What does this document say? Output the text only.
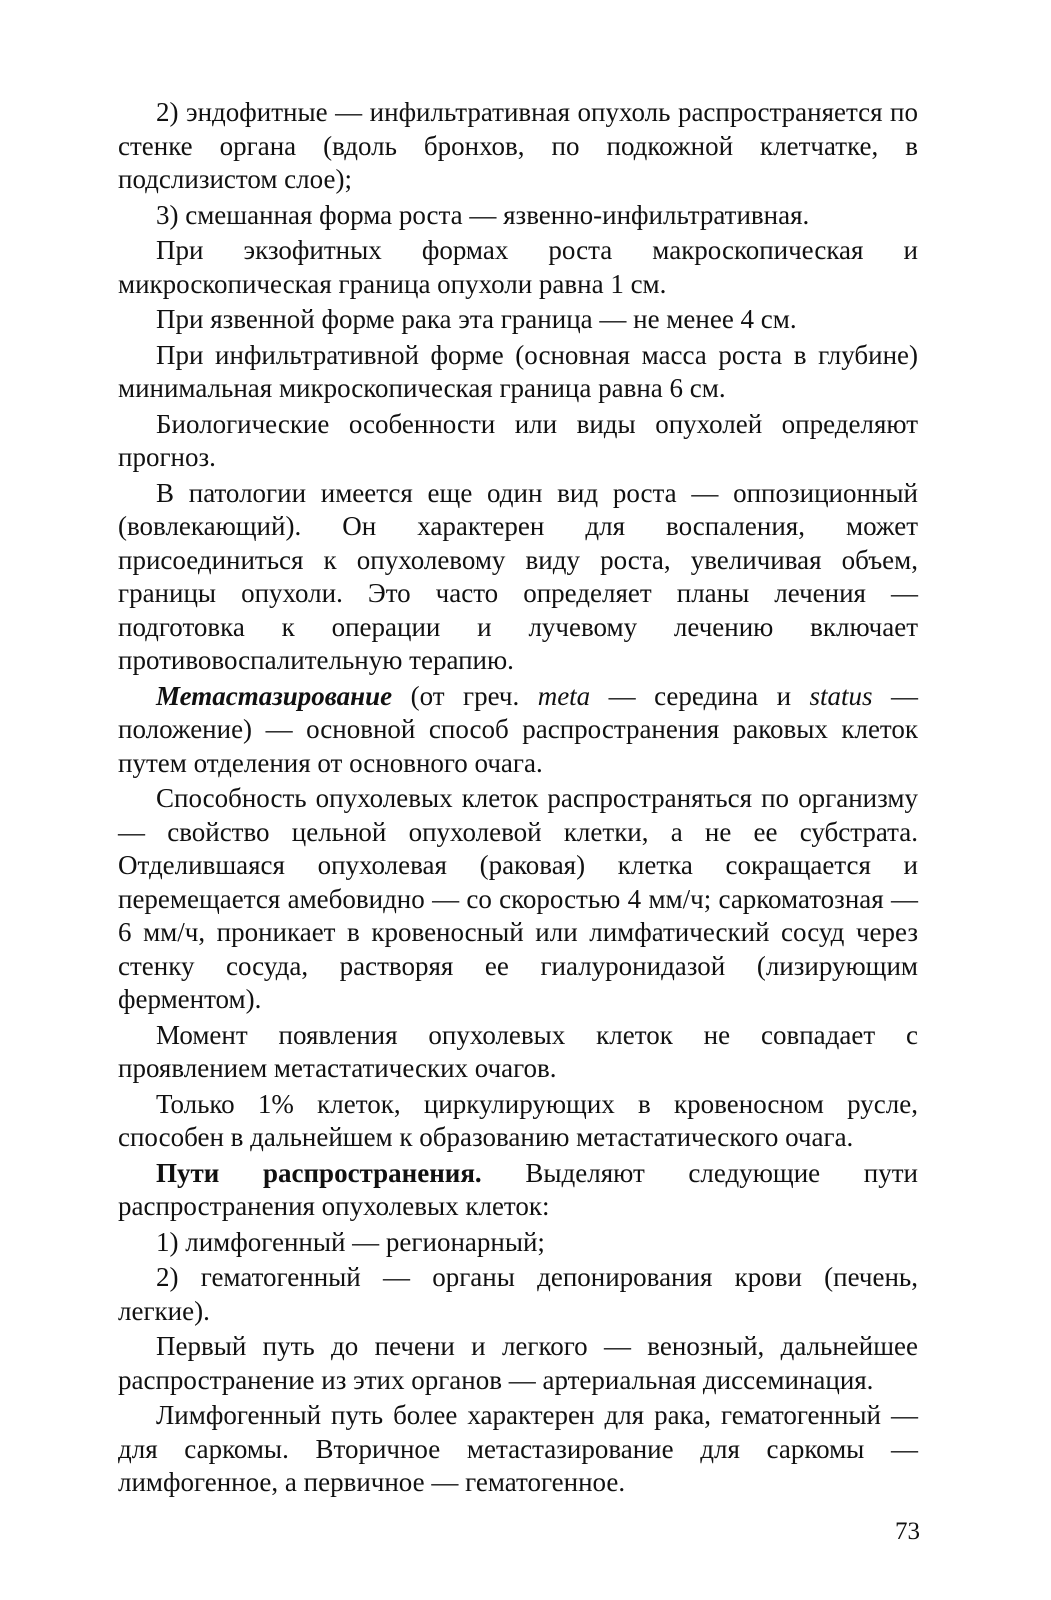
2) эндофитные — инфильтративная опухоль распространяется по стенке органа (вдоль бронхов, по подкожной клетчатке, в подслизистом слое);

3) смешанная форма роста — язвенно-инфильтративная.

При экзофитных формах роста макроскопическая и микроскопическая граница опухоли равна 1 см.

При язвенной форме рака эта граница — не менее 4 см.

При инфильтративной форме (основная масса роста в глубине) минимальная микроскопическая граница равна 6 см.

Биологические особенности или виды опухолей определяют прогноз.

В патологии имеется еще один вид роста — оппозиционный (вовлекающий). Он характерен для воспаления, может присоединиться к опухолевому виду роста, увеличивая объем, границы опухоли. Это часто определяет планы лечения — подготовка к операции и лучевому лечению включает противовоспалительную терапию.

Метастазирование (от греч. meta — середина и status — положение) — основной способ распространения раковых клеток путем отделения от основного очага.

Способность опухолевых клеток распространяться по организму — свойство цельной опухолевой клетки, а не ее субстрата. Отделившаяся опухолевая (раковая) клетка сокращается и перемещается амебовидно — со скоростью 4 мм/ч; саркоматозная — 6 мм/ч, проникает в кровеносный или лимфатический сосуд через стенку сосуда, растворяя ее гиалуронидазой (лизирующим ферментом).

Момент появления опухолевых клеток не совпадает с проявлением метастатических очагов.

Только 1% клеток, циркулирующих в кровеносном русле, способен в дальнейшем к образованию метастатического очага.

Пути распространения. Выделяют следующие пути распространения опухолевых клеток:

1) лимфогенный — регионарный;

2) гематогенный — органы депонирования крови (печень, легкие).

Первый путь до печени и легкого — венозный, дальнейшее распространение из этих органов — артериальная диссеминация.

Лимфогенный путь более характерен для рака, гематогенный — для саркомы. Вторичное метастазирование для саркомы — лимфогенное, а первичное — гематогенное.

73
